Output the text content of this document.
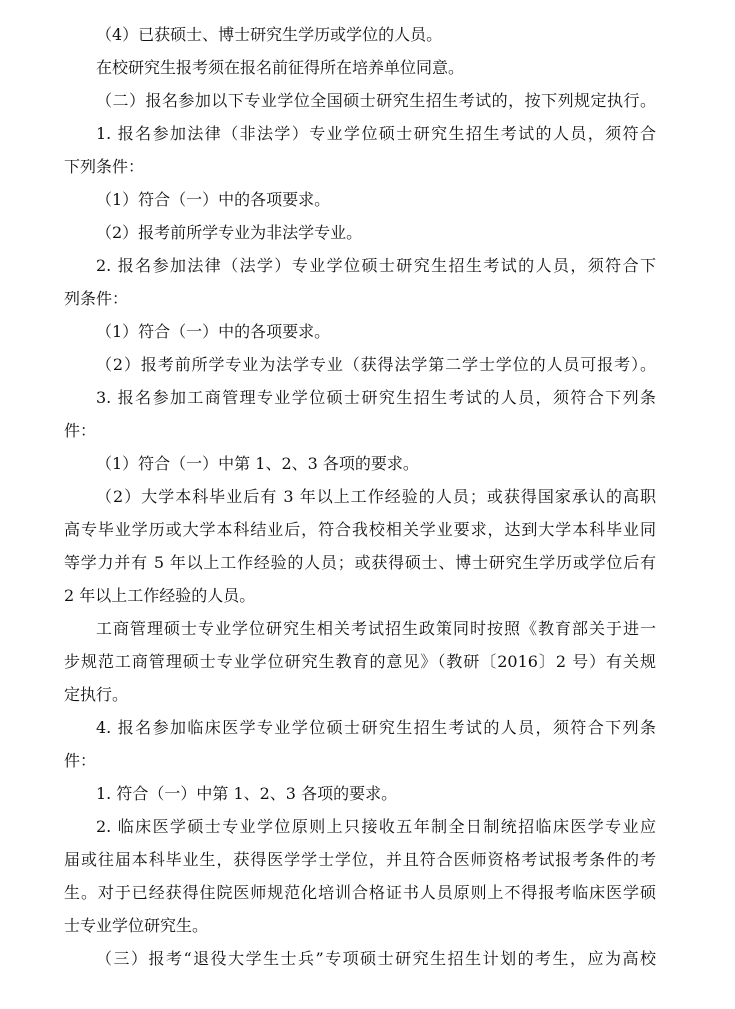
（4）已获硕士、博士研究生学历或学位的人员。
在校研究生报考须在报名前征得所在培养单位同意。
（二）报名参加以下专业学位全国硕士研究生招生考试的，按下列规定执行。
1. 报名参加法律（非法学）专业学位硕士研究生招生考试的人员，须符合
下列条件：
（1）符合（一）中的各项要求。
（2）报考前所学专业为非法学专业。
2. 报名参加法律（法学）专业学位硕士研究生招生考试的人员，须符合下
列条件：
（1）符合（一）中的各项要求。
（2）报考前所学专业为法学专业（获得法学第二学士学位的人员可报考）。
3. 报名参加工商管理专业学位硕士研究生招生考试的人员，须符合下列条
件：
（1）符合（一）中第 1、2、3 各项的要求。
（2）大学本科毕业后有 3 年以上工作经验的人员；或获得国家承认的高职
高专毕业学历或大学本科结业后，符合我校相关学业要求，达到大学本科毕业同
等学力并有 5 年以上工作经验的人员；或获得硕士、博士研究生学历或学位后有
2 年以上工作经验的人员。
工商管理硕士专业学位研究生相关考试招生政策同时按照《教育部关于进一
步规范工商管理硕士专业学位研究生教育的意见》（教研〔2016〕2 号）有关规
定执行。
4. 报名参加临床医学专业学位硕士研究生招生考试的人员，须符合下列条
件：
1. 符合（一）中第 1、2、3 各项的要求。
2. 临床医学硕士专业学位原则上只接收五年制全日制统招临床医学专业应
届或往届本科毕业生，获得医学学士学位，并且符合医师资格考试报考条件的考
生。对于已经获得住院医师规范化培训合格证书人员原则上不得报考临床医学硕
士专业学位研究生。
（三）报考“退役大学生士兵”专项硕士研究生招生计划的考生，应为高校
